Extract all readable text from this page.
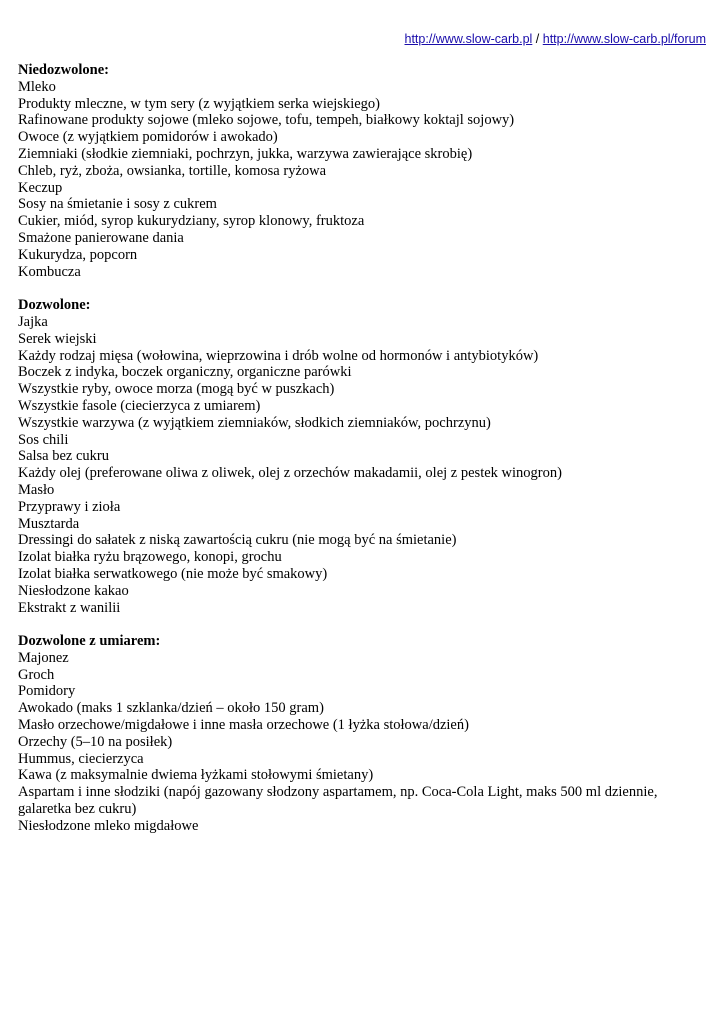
http://www.slow-carb.pl / http://www.slow-carb.pl/forum
Niedozwolone:
Mleko
Produkty mleczne, w tym sery (z wyjątkiem serka wiejskiego)
Rafinowane produkty sojowe (mleko sojowe, tofu, tempeh, białkowy koktajl sojowy)
Owoce (z wyjątkiem pomidorów i awokado)
Ziemniaki (słodkie ziemniaki, pochrzyn, jukka, warzywa zawierające skrobię)
Chleb, ryż, zboża, owsianka, tortille, komosa ryżowa
Keczup
Sosy na śmietanie i sosy z cukrem
Cukier, miód, syrop kukurydziany, syrop klonowy, fruktoza
Smażone panierowane dania
Kukurydza, popcorn
Kombucza
Dozwolone:
Jajka
Serek wiejski
Każdy rodzaj mięsa (wołowina, wieprzowina i drób wolne od hormonów i antybiotyków)
Boczek z indyka, boczek organiczny, organiczne parówki
Wszystkie ryby, owoce morza (mogą być w puszkach)
Wszystkie fasole (ciecierzyca z umiarem)
Wszystkie warzywa (z wyjątkiem ziemniaków, słodkich ziemniaków, pochrzynu)
Sos chili
Salsa bez cukru
Każdy olej (preferowane oliwa z oliwek, olej z orzechów makadamii, olej z pestek winogron)
Masło
Przyprawy i zioła
Musztarda
Dressingi do sałatek z niską zawartością cukru (nie mogą być na śmietanie)
Izolat białka ryżu brązowego, konopi, grochu
Izolat białka serwatkowego (nie może być smakowy)
Niesłodzone kakao
Ekstrakt z wanilii
Dozwolone z umiarem:
Majonez
Groch
Pomidory
Awokado (maks 1 szklanka/dzień – około 150 gram)
Masło orzechowe/migdałowe i inne masła orzechowe (1 łyżka stołowa/dzień)
Orzechy (5–10 na posiłek)
Hummus, ciecierzyca
Kawa (z maksymalnie dwiema łyżkami stołowymi śmietany)
Aspartam i inne słodziki (napój gazowany słodzony aspartamem, np. Coca-Cola Light, maks 500 ml dziennie, galaretka bez cukru)
Niesłodzone mleko migdałowe
